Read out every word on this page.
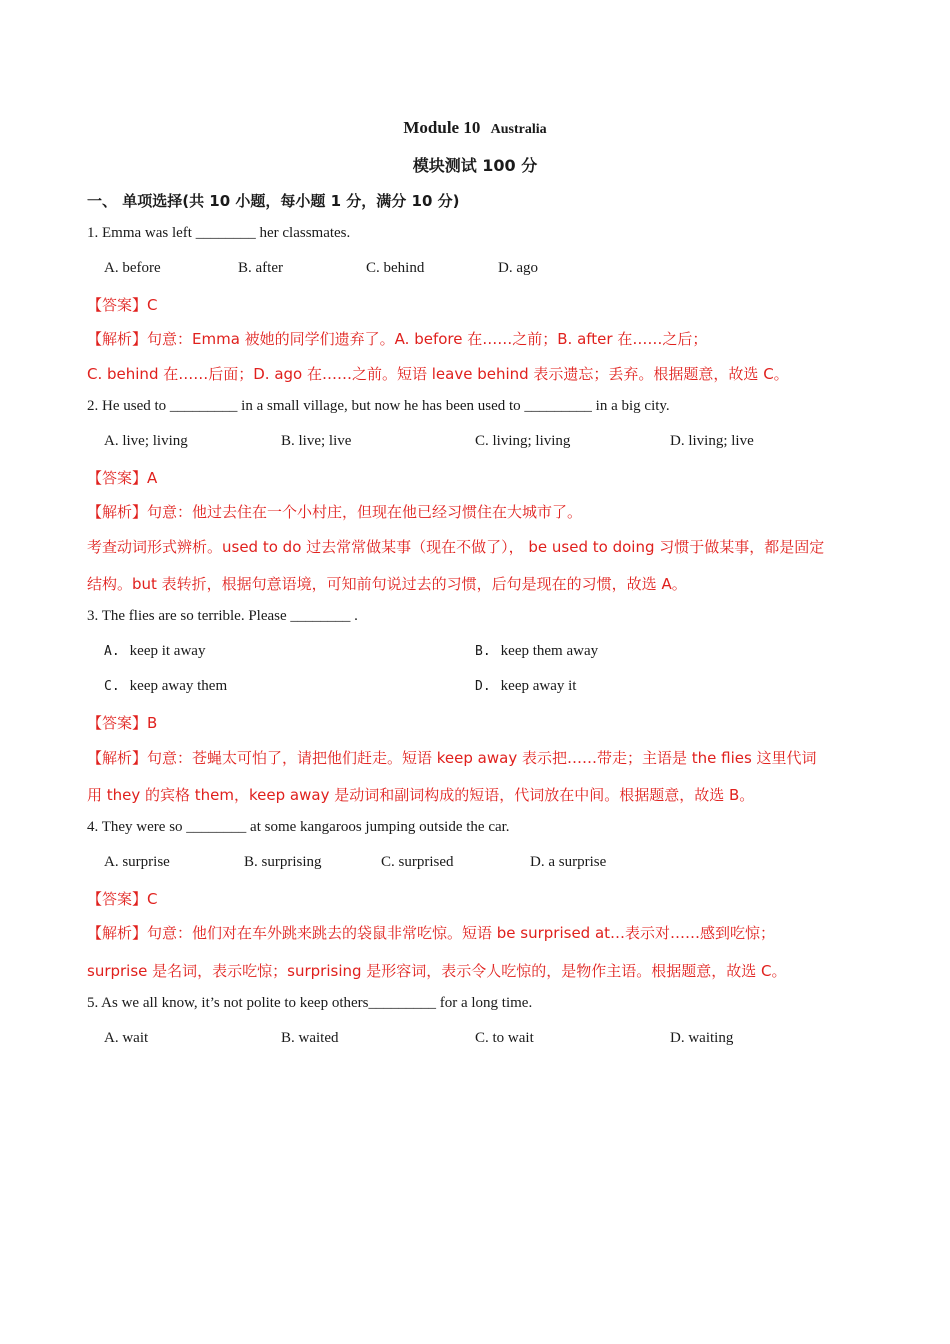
Module 10 Australia
模块测试 100 分
一、 单项选择(共 10 小题，每小题 1 分，满分 10 分)
1. Emma was left ________ her classmates.
A. before	B. after	C. behind	D. ago
【答案】C
【解析】句意：Emma 被她的同学们遗弃了。A. before 在……之前；B. after 在……之后；
C. behind 在……后面；D. ago 在……之前。短语 leave behind 表示遗忘；丢弃。根据题意，故选 C。
2. He used to _________ in a small village, but now he has been used to _________ in a big city.
A. live; living	B. live; live	C. living; living	D. living; live
【答案】A
【解析】句意：他过去住在一个小村庄，但现在他已经习惯住在大城市了。
考查动词形式辨析。used to do 过去常常做某事（现在不做了）， be used to doing 习惯于做某事，都是固定
结构。but 表转折，根据句意语境，可知前句说过去的习惯，后句是现在的习惯，故选 A。
3. The flies are so terrible. Please ________ .
A. keep it away	B. keep them away
C. keep away them	D. keep away it
【答案】B
【解析】句意：苍蝇太可怕了，请把他们赶走。短语 keep away 表示把……带走；主语是 the flies 这里代词
用 they 的宾格 them，keep away 是动词和副词构成的短语，代词放在中间。根据题意，故选 B。
4. They were so ________ at some kangaroos jumping outside the car.
A. surprise	B. surprising	C. surprised	D. a surprise
【答案】C
【解析】句意：他们对在车外跳来跳去的袋鼠非常吃惊。短语 be surprised at…表示对……感到吃惊；
surprise 是名词，表示吃惊；surprising 是形容词，表示令人吃惊的，是物作主语。根据题意，故选 C。
5. As we all know, it’s not polite to keep others_________ for a long time.
A. wait	B. waited	C. to wait	D. waiting
